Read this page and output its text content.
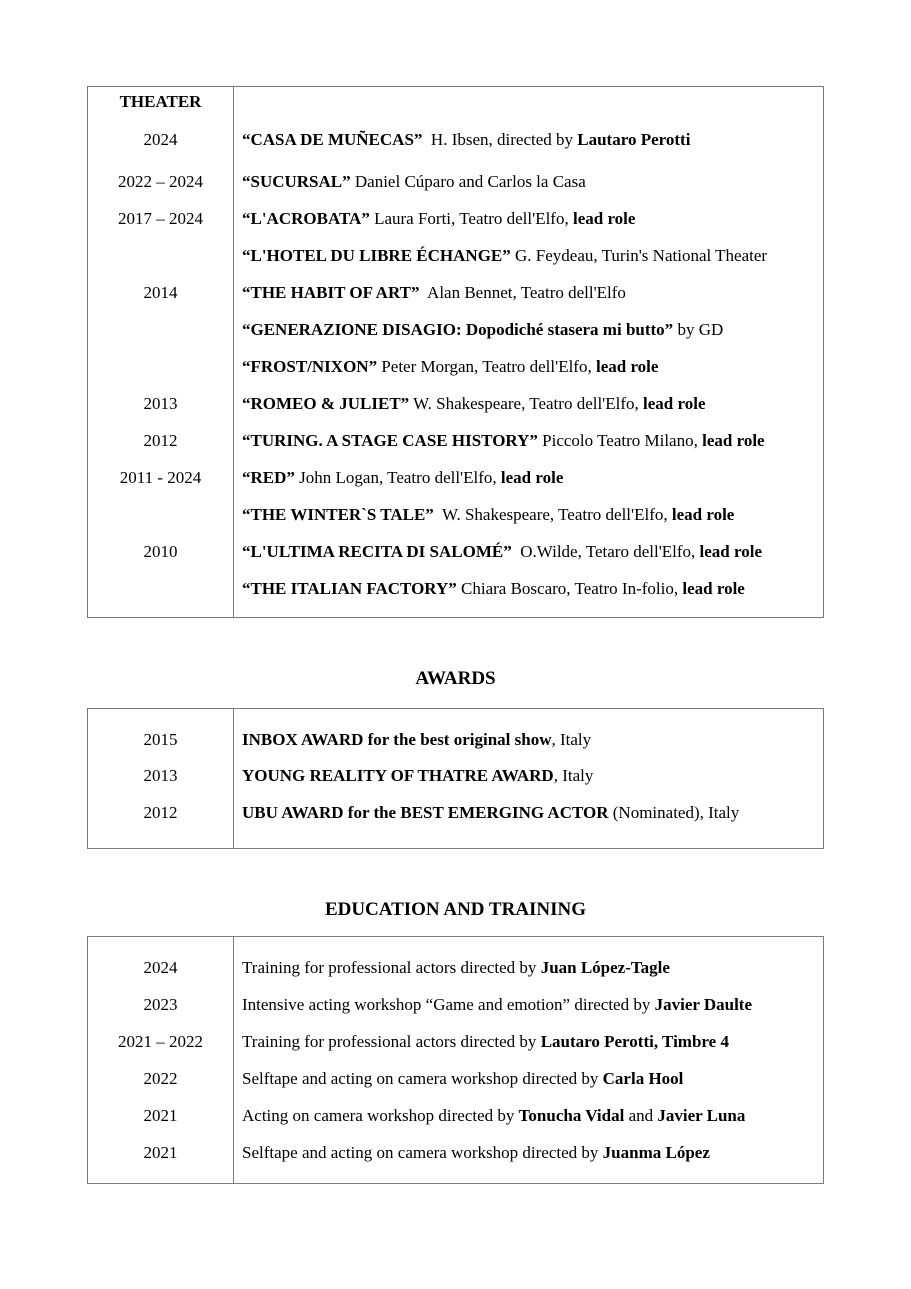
THEATER
2024	“CASA DE MUÑECAS”  H. Ibsen, directed by Lautaro Perotti
2022 – 2024	“SUCURSAL” Daniel Cúparo and Carlos la Casa
2017 – 2024	“L'ACROBATA” Laura Forti, Teatro dell'Elfo, lead role
“L'HOTEL DU LIBRE ÉCHANGE” G. Feydeau, Turin's National Theater
2014	“THE HABIT OF ART”  Alan Bennet, Teatro dell'Elfo
“GENERAZIONE DISAGIO: Dopodiché stasera mi butto” by GD
“FROST/NIXON” Peter Morgan, Teatro dell'Elfo, lead role
2013	“ROMEO & JULIET” W. Shakespeare, Teatro dell'Elfo, lead role
2012	“TURING. A STAGE CASE HISTORY” Piccolo Teatro Milano, lead role
2011 - 2024	“RED” John Logan, Teatro dell'Elfo, lead role
“THE WINTER`S TALE”  W. Shakespeare, Teatro dell'Elfo, lead role
2010	“L'ULTIMA RECITA DI SALOMÉ”  O.Wilde, Tetaro dell'Elfo, lead role
“THE ITALIAN FACTORY” Chiara Boscaro, Teatro In-folio, lead role
AWARDS
2015	INBOX AWARD for the best original show, Italy
2013	YOUNG REALITY OF THATRE AWARD, Italy
2012	UBU AWARD for the BEST EMERGING ACTOR (Nominated), Italy
EDUCATION AND TRAINING
2024	Training for professional actors directed by Juan López-Tagle
2023	Intensive acting workshop “Game and emotion” directed by Javier Daulte
2021 – 2022	Training for professional actors directed by Lautaro Perotti, Timbre 4
2022	Selftape and acting on camera workshop directed by Carla Hool
2021	Acting on camera workshop directed by Tonucha Vidal and Javier Luna
2021	Selftape and acting on camera workshop directed by Juanma López
